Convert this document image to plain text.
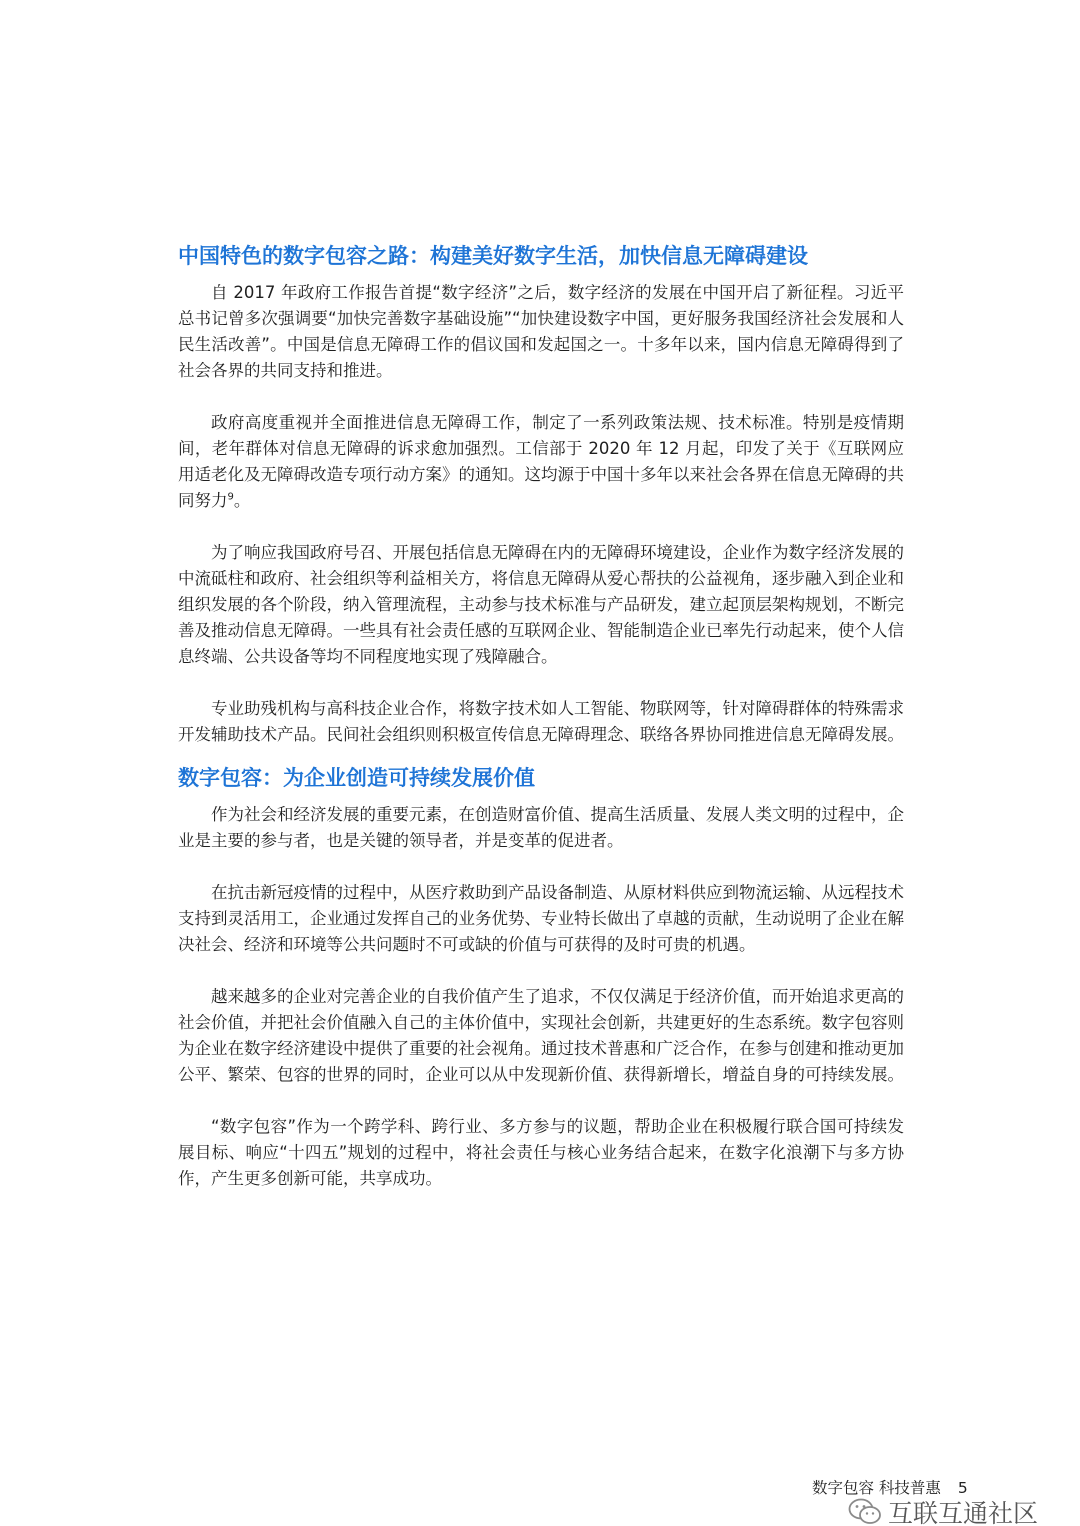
中国特色的数字包容之路：构建美好数字生活，加快信息无障碍建设

自 2017 年政府工作报告首提“数字经济”之后，数字经济的发展在中国开启了新征程。习近平总书记曾多次强调要“加快完善数字基础设施”“加快建设数字中国，更好服务我国经济社会发展和人民生活改善”。中国是信息无障碍工作的倡议国和发起国之一。十多年以来，国内信息无障碍得到了社会各界的共同支持和推进。

政府高度重视并全面推进信息无障碍工作，制定了一系列政策法规、技术标准。特别是疫情期间，老年群体对信息无障碍的诉求愈加强烈。工信部于 2020 年 12 月起，印发了关于《互联网应用适老化及无障碍改造专项行动方案》的通知。这均源于中国十多年以来社会各界在信息无障碍的共同努力$^9$。

为了响应我国政府号召、开展包括信息无障碍在内的无障碍环境建设，企业作为数字经济发展的中流砥柱和政府、社会组织等利益相关方，将信息无障碍从爱心帮扶的公益视角，逐步融入到企业和组织发展的各个阶段，纳入管理流程，主动参与技术标准与产品研发，建立起顶层架构规划，不断完善及推动信息无障碍。一些具有社会责任感的互联网企业、智能制造企业已率先行动起来，使个人信息终端、公共设备等均不同程度地实现了残障融合。

专业助残机构与高科技企业合作，将数字技术如人工智能、物联网等，针对障碍群体的特殊需求开发辅助技术产品。民间社会组织则积极宣传信息无障碍理念、联络各界协同推进信息无障碍发展。

数字包容：为企业创造可持续发展价值

作为社会和经济发展的重要元素，在创造财富价值、提高生活质量、发展人类文明的过程中，企业是主要的参与者，也是关键的领导者，并是变革的促进者。

在抗击新冠疫情的过程中，从医疗救助到产品设备制造、从原材料供应到物流运输、从远程技术支持到灵活用工，企业通过发挥自己的业务优势、专业特长做出了卓越的贡献，生动说明了企业在解决社会、经济和环境等公共问题时不可或缺的价值与可获得的及时可贵的机遇。

越来越多的企业对完善企业的自我价值产生了追求，不仅仅满足于经济价值，而开始追求更高的社会价值，并把社会价值融入自己的主体价值中，实现社会创新，共建更好的生态系统。数字包容则为企业在数字经济建设中提供了重要的社会视角。通过技术普惠和广泛合作，在参与创建和推动更加公平、繁荣、包容的世界的同时，企业可以从中发现新价值、获得新增长，增益自身的可持续发展。

“数字包容”作为一个跨学科、跨行业、多方参与的议题，帮助企业在积极履行联合国可持续发展目标、响应“十四五”规划的过程中，将社会责任与核心业务结合起来，在数字化浪潮下与多方协作，产生更多创新可能，共享成功。

数字包容 科技普惠 5
互联互通社区
